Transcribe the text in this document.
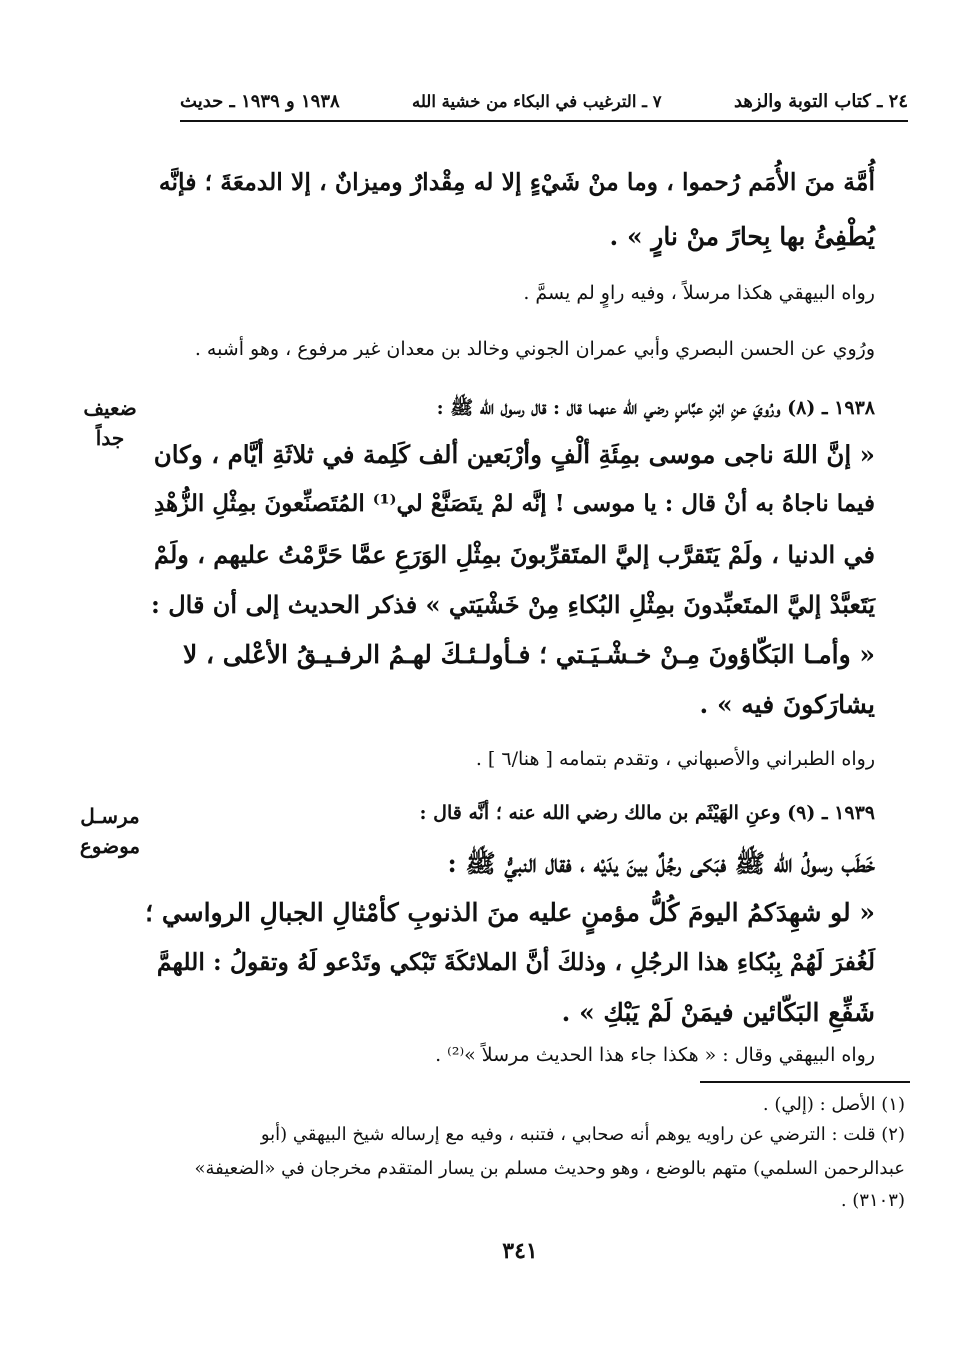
٢٤ ـ كتاب التوبة والزهد
٧ ـ الترغيب في البكاء من خشية الله
١٩٣٨ و ١٩٣٩ ـ حديث
أُمَّة منَ الأُمَم رُحموا ، وما منْ شَيْءٍ إلا له مِقْدارٌ وميزانٌ ، إلا الدمعَةَ ؛ فإنَّه
يُطْفِئُ بها بِحارً منْ نارٍ » .
رواه البيهقي هكذا مرسلاً ، وفيه راوٍ لم يسمَّ .
ورُوي عن الحسن البصري وأبي عمران الجوني وخالد بن معدان غير مرفوع ، وهو أشبه .
ضعيف
جداً
١٩٣٨ ـ (٨) ورُويَ عنِ ابْنِ عبَّاسٍ رضي الله عنهما قال : قال رسول الله ﷺ :
« إنَّ اللهَ ناجى موسى بمِئَةِ ألْفٍ وأرْبَعين ألف كَلِمة في ثلاثَةِ أيَّام ، وكان
فيما ناجاهُ به أنْ قال : يا موسى ! إنَّه لمْ يتَصَنَّعْ لي⁽¹⁾ المُتَصنِّعونَ بمِثْلِ الزُّهْدِ
في الدنيا ، ولَمْ يَتَقرَّب إليَّ المتَقرِّبونَ بمِثْلِ الوَرَعِ عمَّا حَرَّمْتُ عليهم ، ولَمْ
يَتَعبَّدْ إليَّ المتَعبِّدونَ بمِثْلِ البُكاءِ مِنْ خَشْيَتي » فذكر الحديث إلى أن قال :
« وأمـا البَكّاؤونَ مِـنْ خـشْـيَـتي ؛ فـأولـئـكَ لهـمُ الرفـيـقُ الأعْلى ، لا
يشارَكونَ فيه » .
رواه الطبراني والأصبهاني ، وتقدم بتمامه [ هنا/٦ ] .
مرسـل
موضوع
١٩٣٩ ـ (٩) وعنِ الهَيْثَم بن مالك رضي الله عنه ؛ أنَّه قال :
خَطَب رسولُ الله ﷺ فبَكى رجُلٌ بينَ يدَيْه ، فقال النبيُّ ﷺ :
« لو شهِدَكمُ اليومَ كُلُّ مؤمنٍ عليه منَ الذنوبِ كأمْثالِ الجبالِ الرواسي ؛
لَغُفرَ لَهُمْ بِبُكاءِ هذا الرجُلِ ، وذلكَ أنَّ الملائكَةَ تَبْكي وتَدْعو لَهُ وتقولُ : اللهمَّ
شَفِّعِ البَكّائين فيمَنْ لَمْ يَبْكِ » .
رواه البيهقي وقال : « هكذا جاء هذا الحديث مرسلاً »⁽²⁾ .
(١) الأصل : (إلي) .
(٢) قلت : الترضي عن راويه يوهم أنه صحابي ، فتنبه ، وفيه مع إرساله شيخ البيهقي (أبو
عبدالرحمن السلمي) متهم بالوضع ، وهو وحديث مسلم بن يسار المتقدم مخرجان في «الضعيفة»
(٣١٠٣) .
٣٤١
